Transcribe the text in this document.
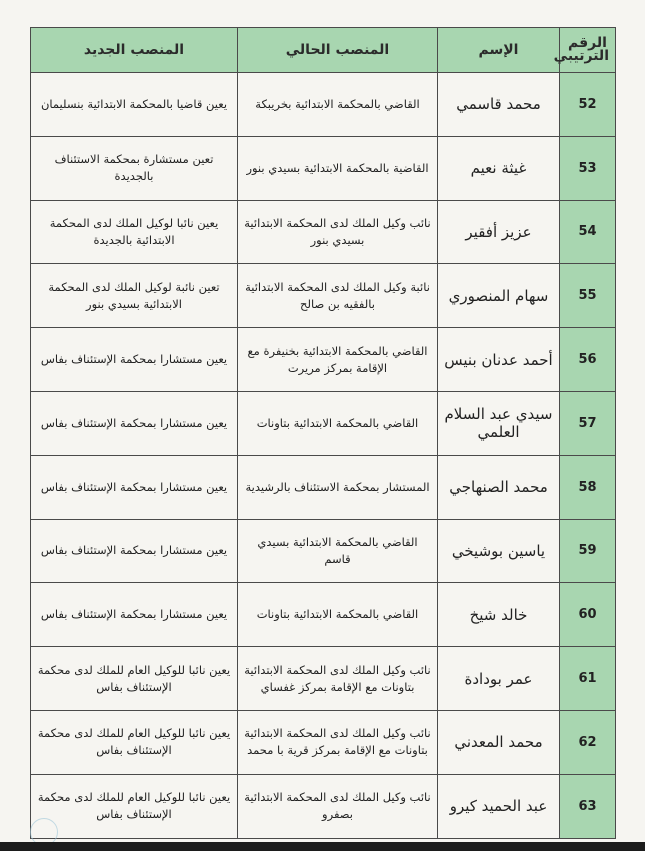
الرقم الترتيبي	الإسم	المنصب الحالي	المنصب الجديد
52	محمد قاسمي	القاضي بالمحكمة الابتدائية بخريبكة	يعين قاضيا بالمحكمة الابتدائية بنسليمان
53	غيثة نعيم	القاضية بالمحكمة الابتدائية بسيدي بنور	تعين مستشارة بمحكمة الاستئناف بالجديدة
54	عزيز أفقير	نائب وكيل الملك لدى المحكمة الابتدائية بسيدي بنور	يعين نائبا لوكيل الملك لدى المحكمة الابتدائية بالجديدة
55	سهام المنصوري	نائبة وكيل الملك لدى المحكمة الابتدائية بالفقيه بن صالح	تعين نائبة لوكيل الملك لدى المحكمة الابتدائية بسيدي بنور
56	أحمد عدنان بنيس	القاضي بالمحكمة الابتدائية بخنيفرة مع الإقامة بمركز مريرت	يعين مستشارا بمحكمة الإستئناف بفاس
57	سيدي عبد السلام العلمي	القاضي بالمحكمة الابتدائية بتاونات	يعين مستشارا بمحكمة الإستئناف بفاس
58	محمد الصنهاجي	المستشار بمحكمة الاستئناف بالرشيدية	يعين مستشارا بمحكمة الإستئناف بفاس
59	ياسين بوشيخي	القاضي بالمحكمة الابتدائية بسيدي قاسم	يعين مستشارا بمحكمة الإستئناف بفاس
60	خالد شيخ	القاضي بالمحكمة الابتدائية بتاونات	يعين مستشارا بمحكمة الإستئناف بفاس
61	عمر بودادة	نائب وكيل الملك لدى المحكمة الابتدائية بتاونات مع الإقامة بمركز غفساي	يعين نائبا للوكيل العام للملك لدى محكمة الإستئناف بفاس
62	محمد المعدني	نائب وكيل الملك لدى المحكمة الابتدائية بتاونات مع الإقامة بمركز قرية با محمد	يعين نائبا للوكيل العام للملك لدى محكمة الإستئناف بفاس
63	عبد الحميد كيرو	نائب وكيل الملك لدى المحكمة الابتدائية بصفرو	يعين نائبا للوكيل العام للملك لدى محكمة الإستئناف بفاس
